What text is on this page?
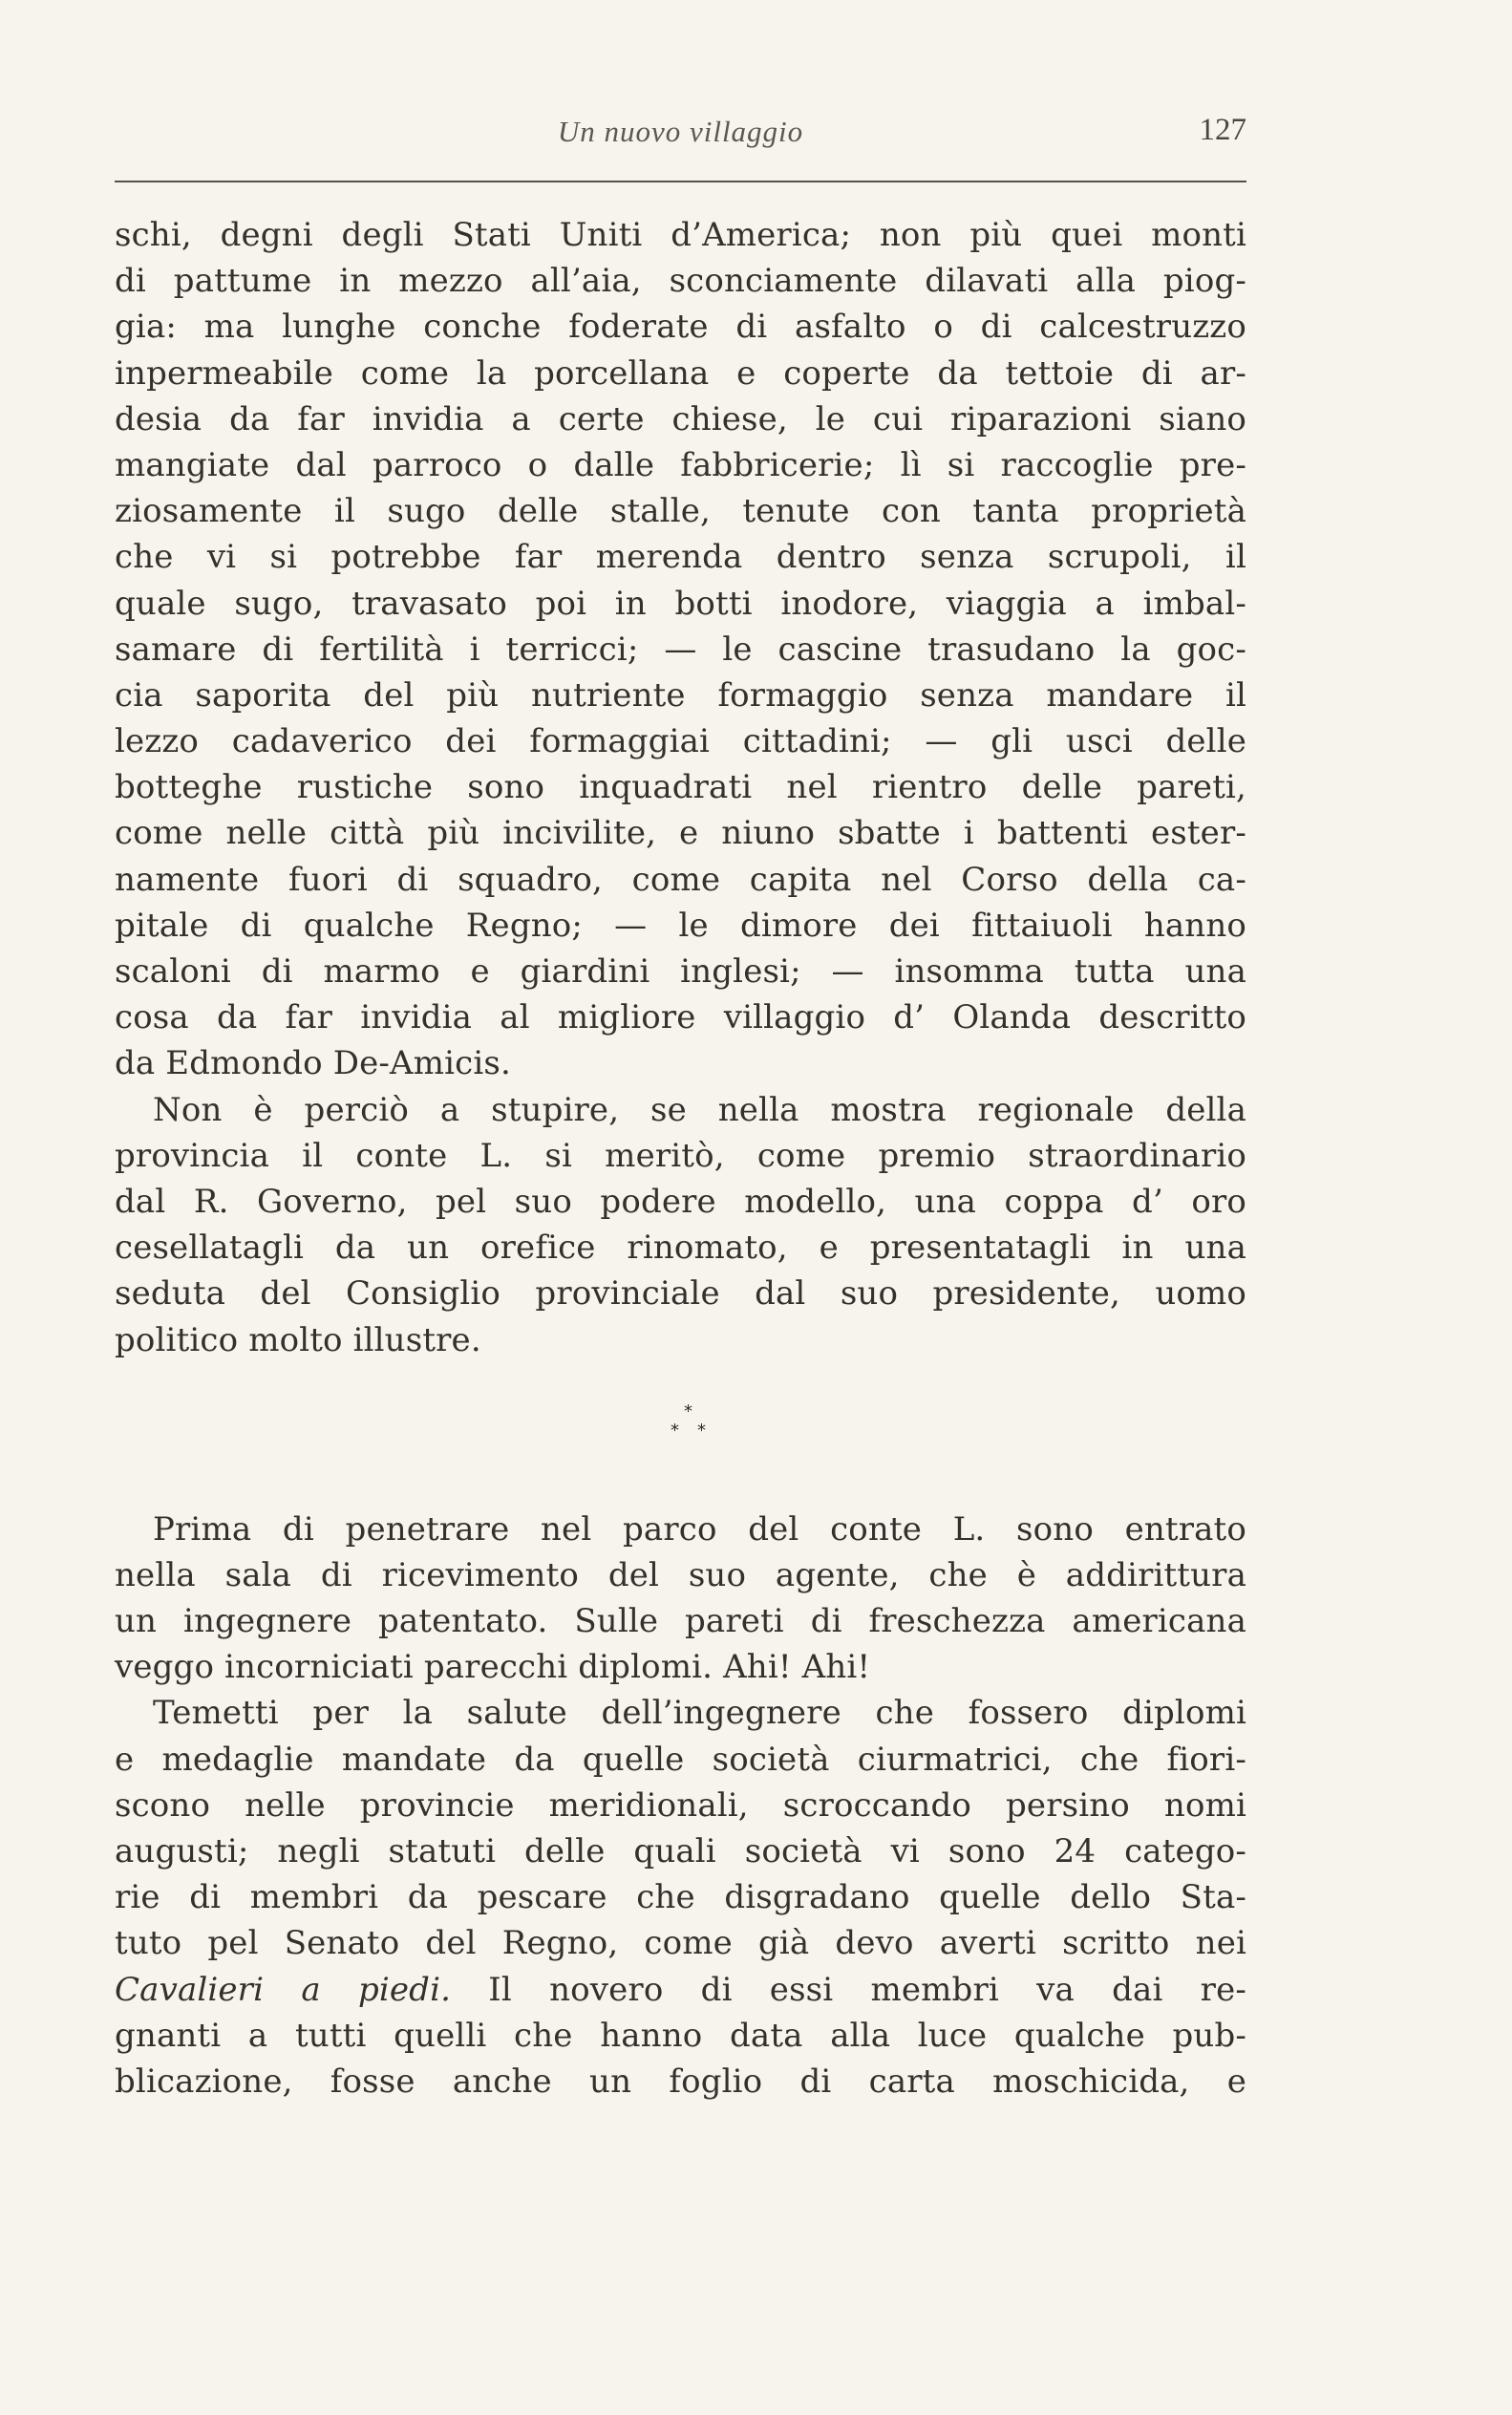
Un nuovo villaggio	127
schi, degni degli Stati Uniti d’America; non più quei monti
di pattume in mezzo all’aia, sconciamente dilavati alla piog-
gia: ma lunghe conche foderate di asfalto o di calcestruzzo
inpermeabile come la porcellana e coperte da tettoie di ar-
desia da far invidia a certe chiese, le cui riparazioni siano
mangiate dal parroco o dalle fabbricerie; lì si raccoglie pre-
ziosamente il sugo delle stalle, tenute con tanta proprietà
che vi si potrebbe far merenda dentro senza scrupoli, il
quale sugo, travasato poi in botti inodore, viaggia a imbal-
samare di fertilità i terricci; — le cascine trasudano la goc-
cia saporita del più nutriente formaggio senza mandare il
lezzo cadaverico dei formaggiai cittadini; — gli usci delle
botteghe rustiche sono inquadrati nel rientro delle pareti,
come nelle città più incivilite, e niuno sbatte i battenti ester-
namente fuori di squadro, come capita nel Corso della ca-
pitale di qualche Regno; — le dimore dei fittaiuoli hanno
scaloni di marmo e giardini inglesi; — insomma tutta una
cosa da far invidia al migliore villaggio d’ Olanda descritto
da Edmondo De-Amicis.
Non è perciò a stupire, se nella mostra regionale della
provincia il conte L. si meritò, come premio straordinario
dal R. Governo, pel suo podere modello, una coppa d’ oro
cesellatagli da un orefice rinomato, e presentatagli in una
seduta del Consiglio provinciale dal suo presidente, uomo
politico molto illustre.
*
* *
Prima di penetrare nel parco del conte L. sono entrato
nella sala di ricevimento del suo agente, che è addirittura
un ingegnere patentato. Sulle pareti di freschezza americana
veggo incorniciati parecchi diplomi. Ahi! Ahi!
Temetti per la salute dell’ingegnere che fossero diplomi
e medaglie mandate da quelle società ciurmatrici, che fiori-
scono nelle provincie meridionali, scroccando persino nomi
augusti; negli statuti delle quali società vi sono 24 catego-
rie di membri da pescare che disgradano quelle dello Sta-
tuto pel Senato del Regno, come già devo averti scritto nei
Cavalieri a piedi. Il novero di essi membri va dai re-
gnanti a tutti quelli che hanno data alla luce qualche pub-
blicazione, fosse anche un foglio di carta moschicida, e
